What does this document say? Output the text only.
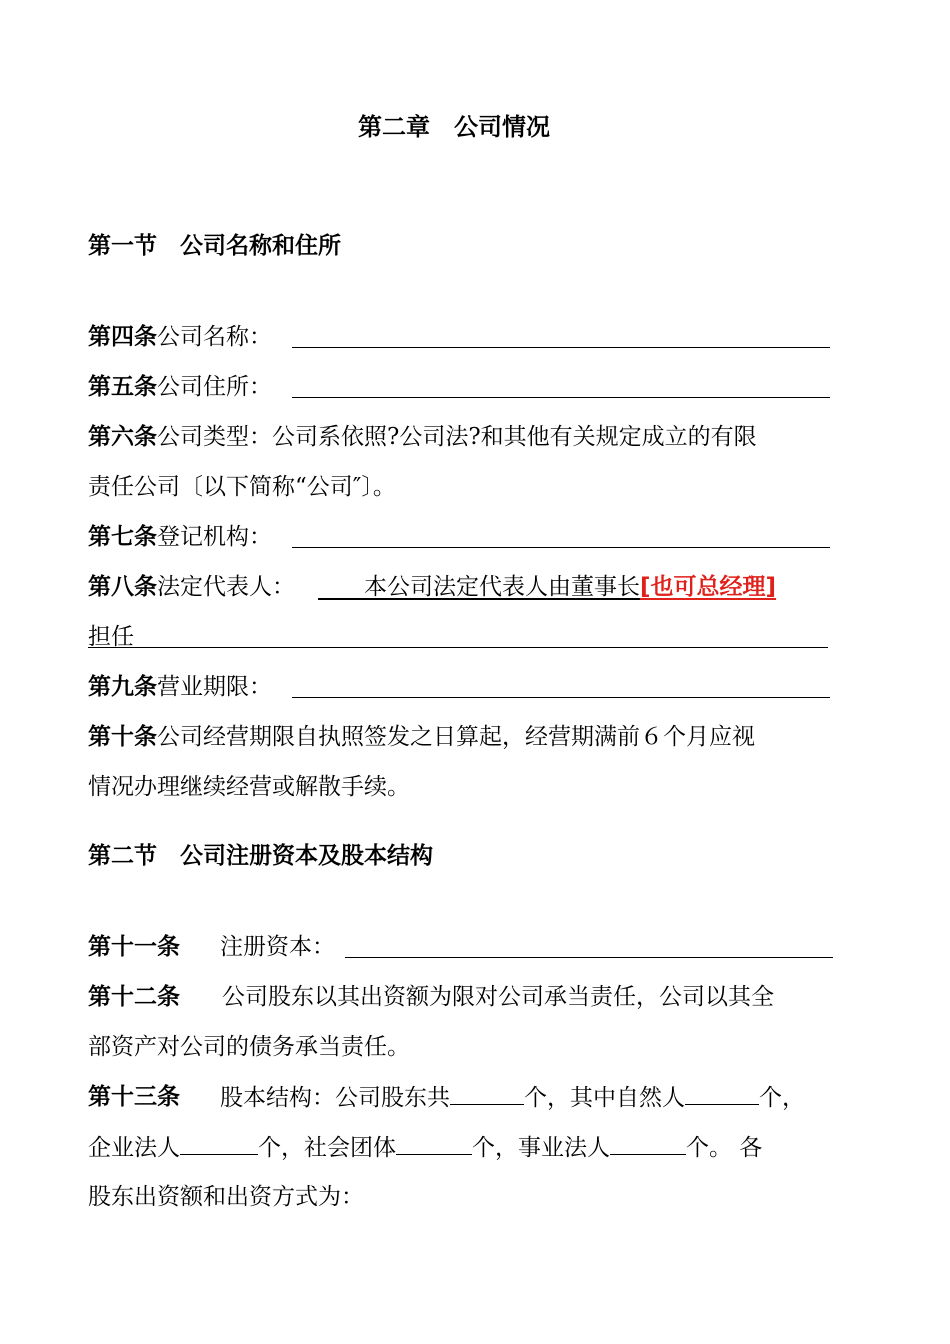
第二章　公司情况
第一节　公司名称和住所
第四条公司名称：
第五条公司住所：
第六条公司类型：公司系依照?公司法?和其他有关规定成立的有限
责任公司〔以下简称“公司″〕。
第七条登记机构：
第八条法定代表人：
　 	本公司法定代表人由董事长[也可总经理]
担任
第九条营业期限：
第十条公司经营期限自执照签发之日算起，经营期满前６个月应视
情况办理继续经营或解散手续。
第二节　公司注册资本及股本结构
第十一条 注册资本：
第十二条 公司股东以其出资额为限对公司承当责任，公司以其全
部资产对公司的债务承当责任。
第十三条 股本结构：公司股东共	个，其中自然人	个，
企业法人	个，社会团体	个，事业法人	个。 各
股东出资额和出资方式为：
